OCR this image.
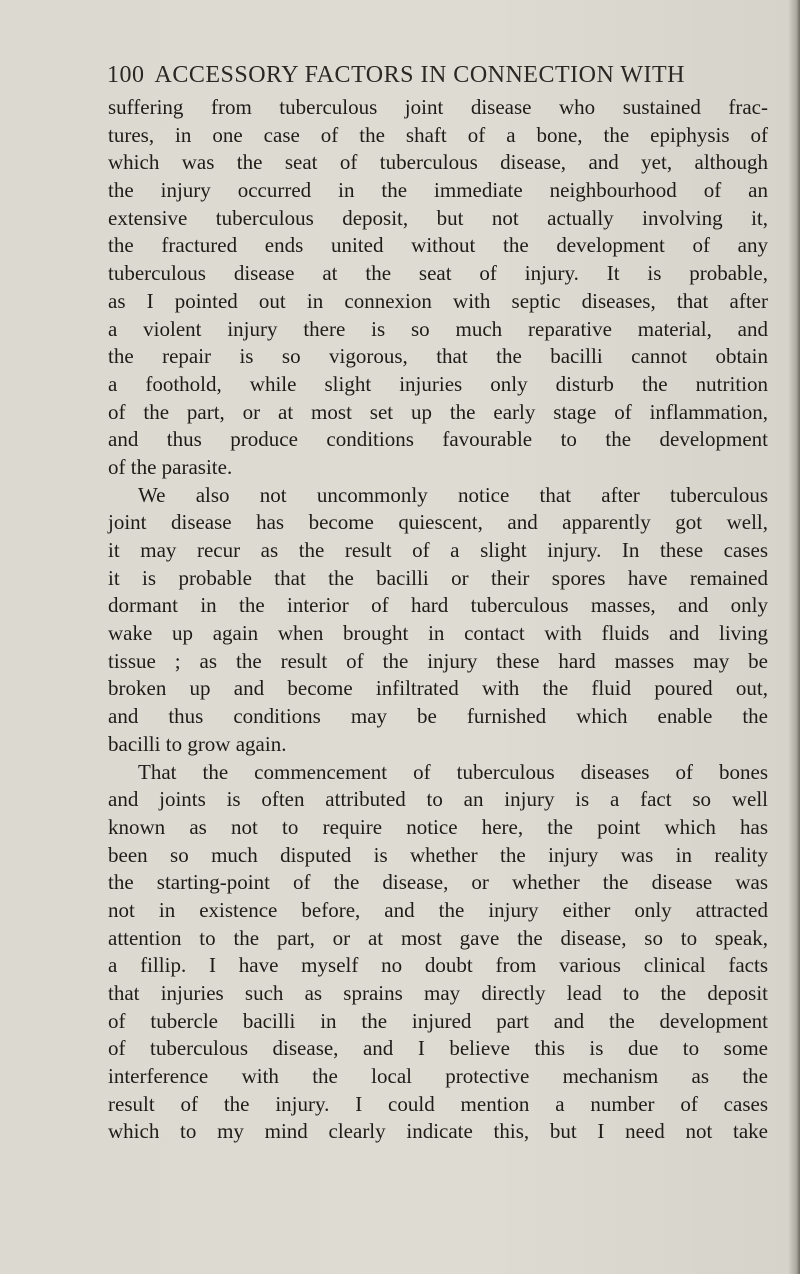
100 ACCESSORY FACTORS IN CONNECTION WITH
suffering from tuberculous joint disease who sustained frac-
tures, in one case of the shaft of a bone, the epiphysis of
which was the seat of tuberculous disease, and yet, although
the injury occurred in the immediate neighbourhood of an
extensive tuberculous deposit, but not actually involving it,
the fractured ends united without the development of any
tuberculous disease at the seat of injury. It is probable,
as I pointed out in connexion with septic diseases, that after
a violent injury there is so much reparative material, and
the repair is so vigorous, that the bacilli cannot obtain
a foothold, while slight injuries only disturb the nutrition
of the part, or at most set up the early stage of inflammation,
and thus produce conditions favourable to the development
of the parasite.
We also not uncommonly notice that after tuberculous
joint disease has become quiescent, and apparently got well,
it may recur as the result of a slight injury. In these cases
it is probable that the bacilli or their spores have remained
dormant in the interior of hard tuberculous masses, and only
wake up again when brought in contact with fluids and living
tissue ; as the result of the injury these hard masses may be
broken up and become infiltrated with the fluid poured out,
and thus conditions may be furnished which enable the
bacilli to grow again.
That the commencement of tuberculous diseases of bones
and joints is often attributed to an injury is a fact so well
known as not to require notice here, the point which has
been so much disputed is whether the injury was in reality
the starting-point of the disease, or whether the disease was
not in existence before, and the injury either only attracted
attention to the part, or at most gave the disease, so to speak,
a fillip. I have myself no doubt from various clinical facts
that injuries such as sprains may directly lead to the deposit
of tubercle bacilli in the injured part and the development
of tuberculous disease, and I believe this is due to some
interference with the local protective mechanism as the
result of the injury. I could mention a number of cases
which to my mind clearly indicate this, but I need not take
